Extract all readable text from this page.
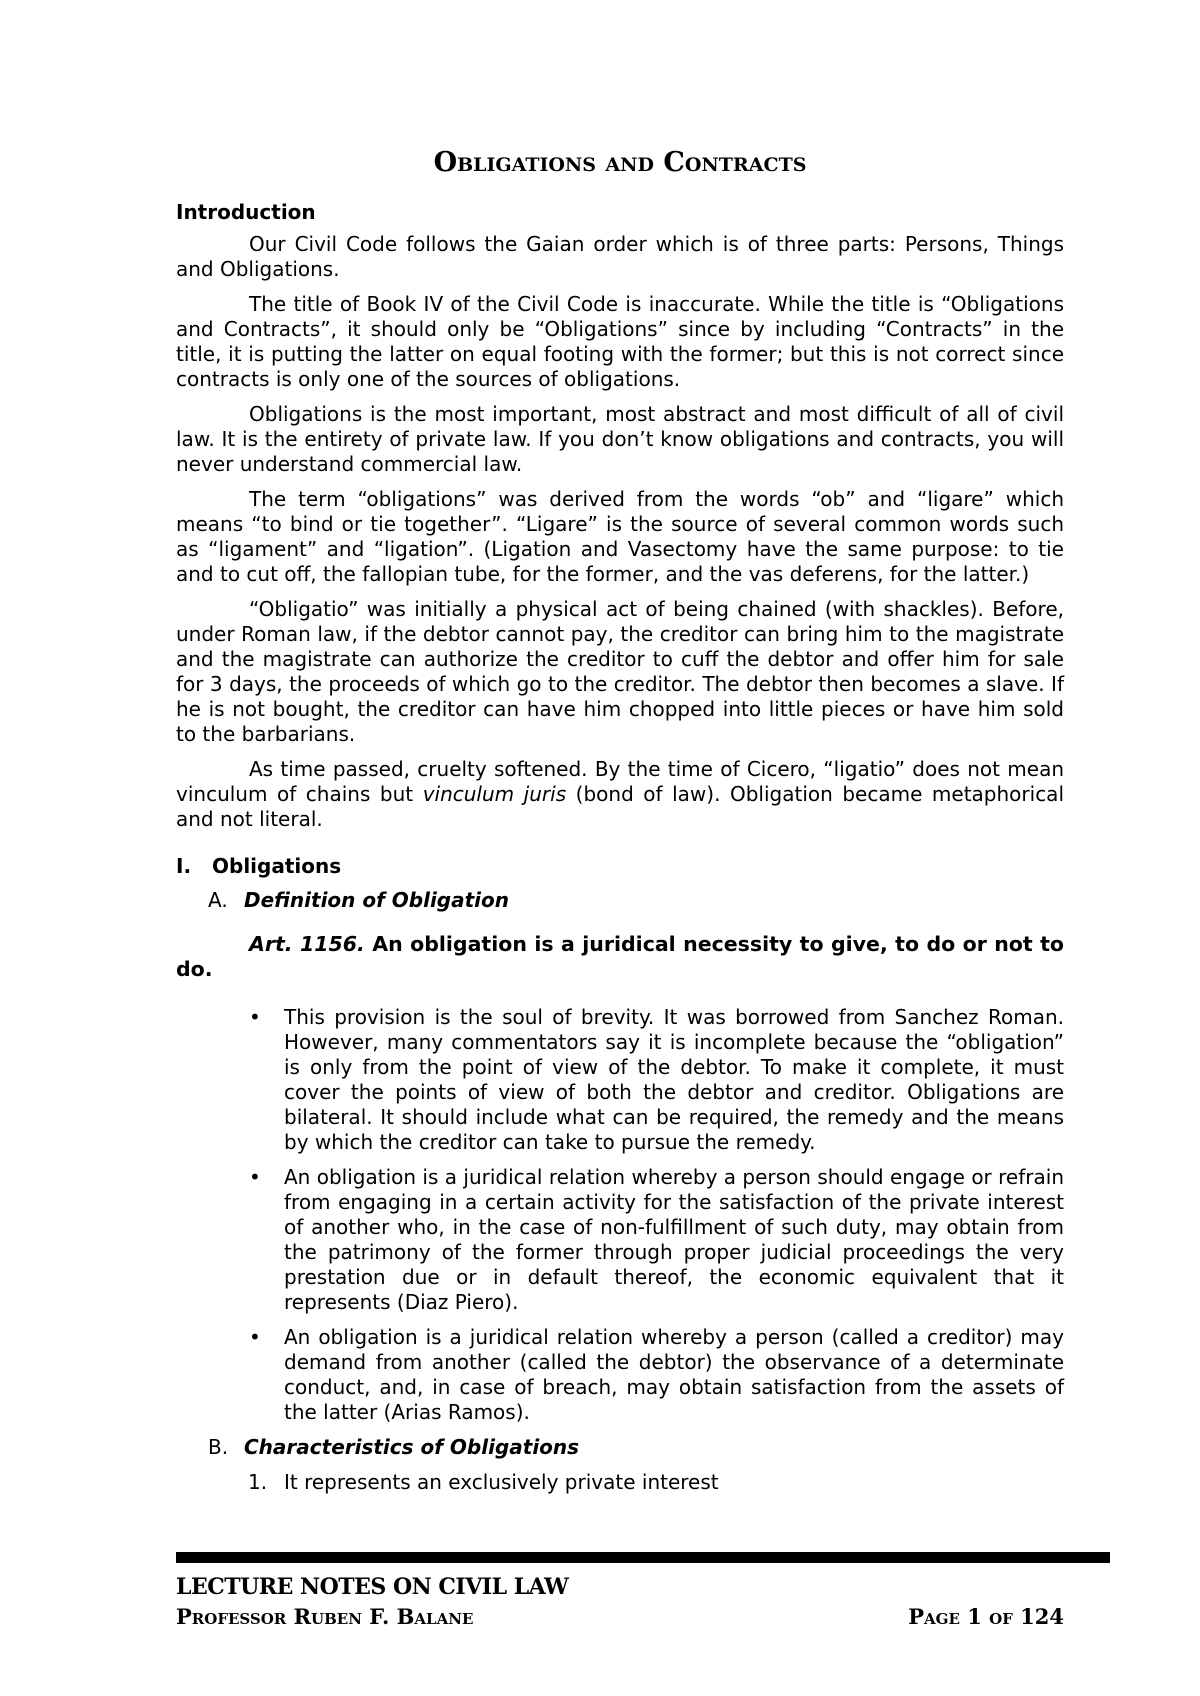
Obligations and Contracts
Introduction

Our Civil Code follows the Gaian order which is of three parts: Persons, Things and Obligations.

The title of Book IV of the Civil Code is inaccurate. While the title is “Obligations and Contracts”, it should only be “Obligations” since by including “Contracts” in the title, it is putting the latter on equal footing with the former; but this is not correct since contracts is only one of the sources of obligations.

Obligations is the most important, most abstract and most difficult of all of civil law. It is the entirety of private law. If you don’t know obligations and contracts, you will never understand commercial law.

The term “obligations” was derived from the words “ob” and “ligare” which means “to bind or tie together”. “Ligare” is the source of several common words such as “ligament” and “ligation”. (Ligation and Vasectomy have the same purpose: to tie and to cut off, the fallopian tube, for the former, and the vas deferens, for the latter.)

“Obligatio” was initially a physical act of being chained (with shackles). Before, under Roman law, if the debtor cannot pay, the creditor can bring him to the magistrate and the magistrate can authorize the creditor to cuff the debtor and offer him for sale for 3 days, the proceeds of which go to the creditor. The debtor then becomes a slave. If he is not bought, the creditor can have him chopped into little pieces or have him sold to the barbarians.

As time passed, cruelty softened. By the time of Cicero, “ligatio” does not mean vinculum of chains but vinculum juris (bond of law). Obligation became metaphorical and not literal.

I. Obligations
A. Definition of Obligation
Art. 1156. An obligation is a juridical necessity to give, to do or not to do.
• This provision is the soul of brevity. It was borrowed from Sanchez Roman. However, many commentators say it is incomplete because the “obligation” is only from the point of view of the debtor. To make it complete, it must cover the points of view of both the debtor and creditor. Obligations are bilateral. It should include what can be required, the remedy and the means by which the creditor can take to pursue the remedy.
• An obligation is a juridical relation whereby a person should engage or refrain from engaging in a certain activity for the satisfaction of the private interest of another who, in the case of non-fulfillment of such duty, may obtain from the patrimony of the former through proper judicial proceedings the very prestation due or in default thereof, the economic equivalent that it represents (Diaz Piero).
• An obligation is a juridical relation whereby a person (called a creditor) may demand from another (called the debtor) the observance of a determinate conduct, and, in case of breach, may obtain satisfaction from the assets of the latter (Arias Ramos).
B. Characteristics of Obligations
1. It represents an exclusively private interest
LECTURE NOTES ON CIVIL LAW
Professor Ruben F. Balane	Page 1 of 124
